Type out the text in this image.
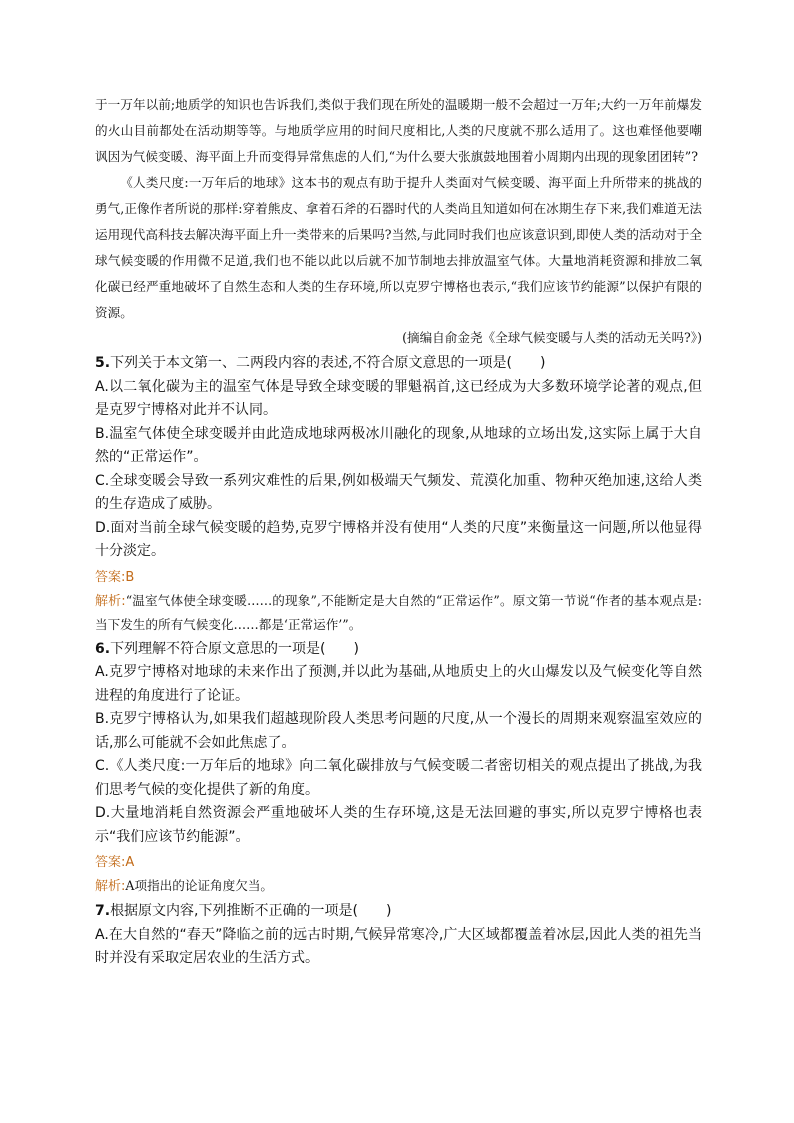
于一万年以前;地质学的知识也告诉我们,类似于我们现在所处的温暖期一般不会超过一万年;大约一万年前爆发的火山目前都处在活动期等等。与地质学应用的时间尺度相比,人类的尺度就不那么适用了。这也难怪他要嘲讽因为气候变暖、海平面上升而变得异常焦虑的人们,“为什么要大张旗鼓地围着小周期内出现的现象团团转”?

《人类尺度:一万年后的地球》这本书的观点有助于提升人类面对气候变暖、海平面上升所带来的挑战的勇气,正像作者所说的那样:穿着熊皮、拿着石斧的石器时代的人类尚且知道如何在冰期生存下来,我们难道无法运用现代高科技去解决海平面上升一类带来的后果吗?当然,与此同时我们也应该意识到,即使人类的活动对于全球气候变暖的作用微不足道,我们也不能以此以后就不加节制地去排放温室气体。大量地消耗资源和排放二氧化碳已经严重地破坏了自然生态和人类的生存环境,所以克罗宁博格也表示,“我们应该节约能源”以保护有限的资源。

(摘编自俞金尧《全球气候变暖与人类的活动无关吗?》)

5.下列关于本文第一、二两段内容的表述,不符合原文意思的一项是(　　)

A.以二氧化碳为主的温室气体是导致全球变暖的罪魁祸首,这已经成为大多数环境学论著的观点,但是克罗宁博格对此并不认同。

B.温室气体使全球变暖并由此造成地球两极冰川融化的现象,从地球的立场出发,这实际上属于大自然的“正常运作”。

C.全球变暖会导致一系列灾难性的后果,例如极端天气频发、荒漠化加重、物种灭绝加速,这给人类的生存造成了威胁。

D.面对当前全球气候变暖的趋势,克罗宁博格并没有使用“人类的尺度”来衡量这一问题,所以他显得十分淡定。

答案:B

解析:“温室气体使全球变暖……的现象”,不能断定是大自然的“正常运作”。原文第一节说“作者的基本观点是:当下发生的所有气候变化……都是‘正常运作’”。

6.下列理解不符合原文意思的一项是(　　)

A.克罗宁博格对地球的未来作出了预测,并以此为基础,从地质史上的火山爆发以及气候变化等自然进程的角度进行了论证。

B.克罗宁博格认为,如果我们超越现阶段人类思考问题的尺度,从一个漫长的周期来观察温室效应的话,那么可能就不会如此焦虑了。

C.《人类尺度:一万年后的地球》向二氧化碳排放与气候变暖二者密切相关的观点提出了挑战,为我们思考气候的变化提供了新的角度。

D.大量地消耗自然资源会严重地破坏人类的生存环境,这是无法回避的事实,所以克罗宁博格也表示“我们应该节约能源”。

答案:A

解析:A项指出的论证角度欠当。

7.根据原文内容,下列推断不正确的一项是(　　)

A.在大自然的“春天”降临之前的远古时期,气候异常寒冷,广大区域都覆盖着冰层,因此人类的祖先当时并没有采取定居农业的生活方式。
